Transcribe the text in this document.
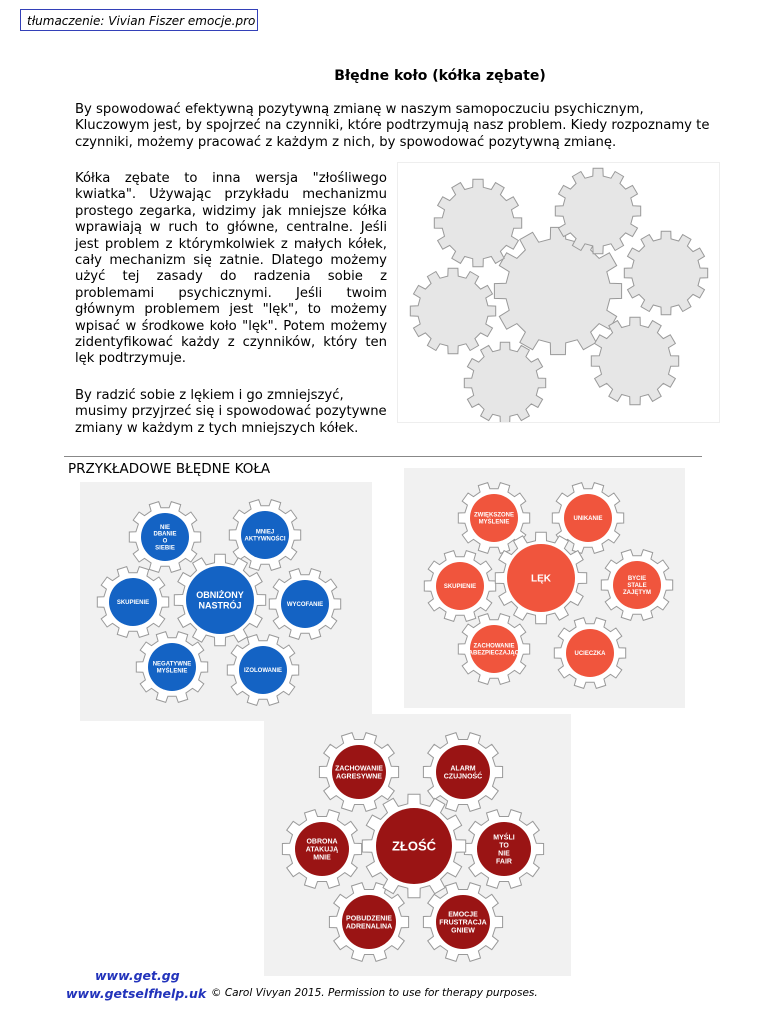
tłumaczenie: Vivian Fiszer emocje.pro
Błędne koło (kółka zębate)
By spowodować efektywną pozytywną zmianę w naszym samopoczuciu psychicznym, Kluczowym jest, by spojrzeć na czynniki, które podtrzymują nasz problem. Kiedy rozpoznamy te czynniki, możemy pracować z każdym z nich, by spowodować pozytywną zmianę.
Kółka zębate to inna wersja "złośliwego kwiatka". Używając przykładu mechanizmu prostego zegarka, widzimy jak mniejsze kółka wprawiają w ruch to główne, centralne. Jeśli jest problem z którymkolwiek z małych kółek, cały mechanizm się zatnie. Dlatego możemy użyć tej zasady do radzenia sobie z problemami psychicznymi. Jeśli twoim głównym problemem jest "lęk", to możemy wpisać w środkowe koło "lęk". Potem możemy zidentyfikować każdy z czynników, który ten lęk podtrzymuje.
By radzić sobie z lękiem i go zmniejszyć, musimy przyjrzeć się i spowodować pozytywne zmiany w każdym z tych mniejszych kółek.
PRZYKŁADOWE BŁĘDNE KOŁA
NIE DBANIE O SIEBIE
MNIEJ AKTYWNOŚCI
WYCOFANIE
IZOLOWANIE
NEGATYWNE MYŚLENIE
SKUPIENIE
OBNIŻONY NASTRÓJ
ZWIĘKSZONE MYŚLENIE
UNIKANIE
BYCIE STALE ZAJĘTYM
UCIECZKA
ZACHOWANIE ZABEZPIECZAJĄCE
SKUPIENIE
LĘK
ZACHOWANIE AGRESYWNE
ALARM CZUJNOŚĆ
MYŚLI TO NIE FAIR
EMOCJE FRUSTRACJA GNIEW
POBUDZENIE ADRENALINA
OBRONA ATAKUJĄ MNIE
ZŁOŚĆ
www.get.gg
www.getselfhelp.uk © Carol Vivyan 2015. Permission to use for therapy purposes.
